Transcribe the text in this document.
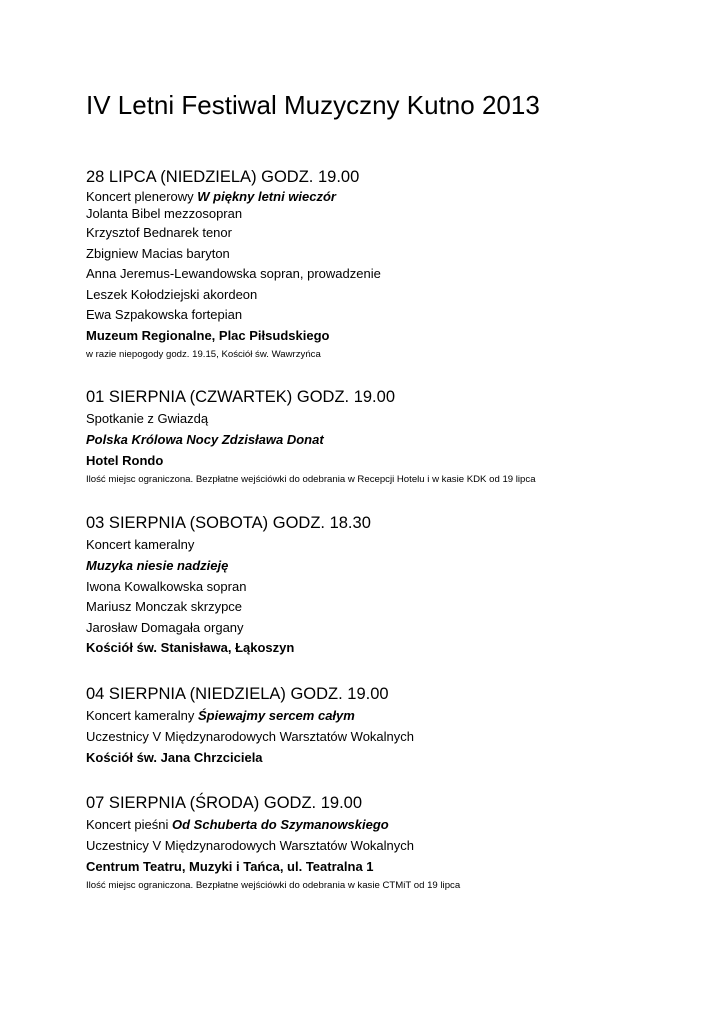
IV Letni Festiwal Muzyczny Kutno 2013
28 LIPCA (NIEDZIELA) GODZ. 19.00
Koncert plenerowy W piękny letni wieczór
Jolanta Bibel mezzosopran
Krzysztof Bednarek tenor
Zbigniew Macias baryton
Anna Jeremus-Lewandowska sopran, prowadzenie
Leszek Kołodziejski akordeon
Ewa Szpakowska fortepian
Muzeum Regionalne, Plac Piłsudskiego
w razie niepogody godz. 19.15, Kościół św. Wawrzyńca
01 SIERPNIA (CZWARTEK) GODZ. 19.00
Spotkanie z Gwiazdą
Polska Królowa Nocy Zdzisława Donat
Hotel Rondo
Ilość miejsc ograniczona. Bezpłatne wejściówki do odebrania w Recepcji Hotelu i w kasie KDK od 19 lipca
03 SIERPNIA (SOBOTA) GODZ. 18.30
Koncert kameralny
Muzyka niesie nadzieję
Iwona Kowalkowska sopran
Mariusz Monczak skrzypce
Jarosław Domagała organy
Kościół św. Stanisława, Łąkoszyn
04 SIERPNIA (NIEDZIELA) GODZ. 19.00
Koncert kameralny Śpiewajmy sercem całym
Uczestnicy V Międzynarodowych Warsztatów Wokalnych
Kościół św. Jana Chrzciciela
07 SIERPNIA (ŚRODA) GODZ. 19.00
Koncert pieśni Od Schuberta do Szymanowskiego
Uczestnicy V Międzynarodowych Warsztatów Wokalnych
Centrum Teatru, Muzyki i Tańca, ul. Teatralna 1
Ilość miejsc ograniczona. Bezpłatne wejściówki do odebrania w kasie CTMiT od 19 lipca
